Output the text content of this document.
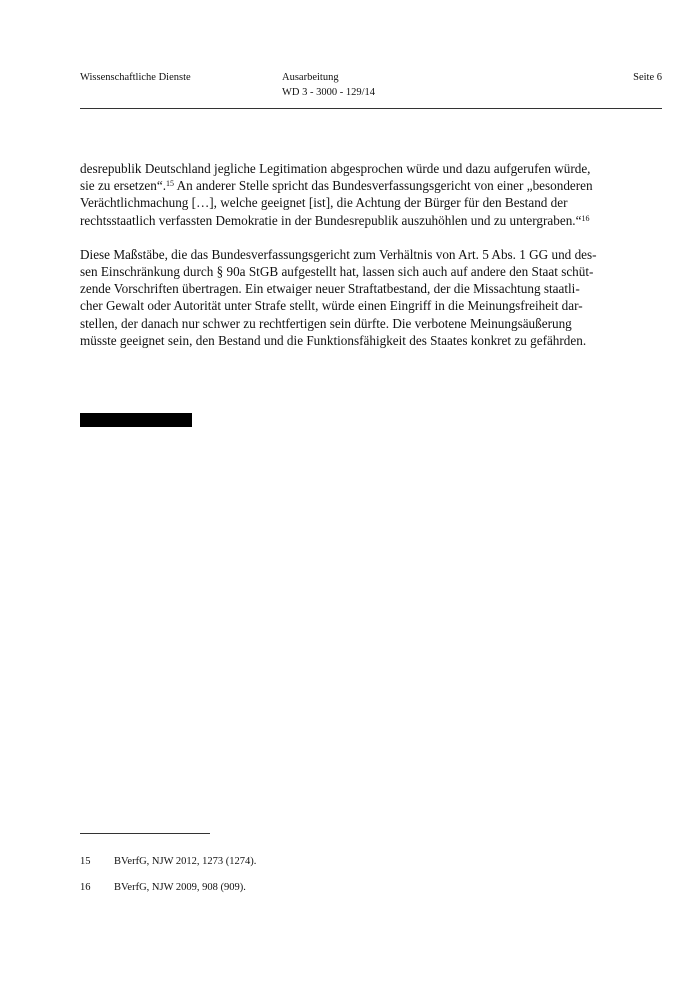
Wissenschaftliche Dienste	Ausarbeitung
WD 3 - 3000 - 129/14
Seite 6

desrepublik Deutschland jegliche Legitimation abgesprochen würde und dazu aufgerufen würde,
sie zu ersetzen“.$^{15}$ An anderer Stelle spricht das Bundesverfassungsgericht von einer „besonderen
Verächtlichmachung […], welche geeignet [ist], die Achtung der Bürger für den Bestand der
rechtsstaatlich verfassten Demokratie in der Bundesrepublik auszuhöhlen und zu untergraben.“$^{16}$

Diese Maßstäbe, die das Bundesverfassungsgericht zum Verhältnis von Art. 5 Abs. 1 GG und des-
sen Einschränkung durch § 90a StGB aufgestellt hat, lassen sich auch auf andere den Staat schüt-
zende Vorschriften übertragen. Ein etwaiger neuer Straftatbestand, der die Missachtung staatli-
cher Gewalt oder Autorität unter Strafe stellt, würde einen Eingriff in die Meinungsfreiheit dar-
stellen, der danach nur schwer zu rechtfertigen sein dürfte. Die verbotene Meinungsäußerung
müsste geeignet sein, den Bestand und die Funktionsfähigkeit des Staates konkret zu gefährden.

15 BVerfG, NJW 2012, 1273 (1274).
16 BVerfG, NJW 2009, 908 (909).
